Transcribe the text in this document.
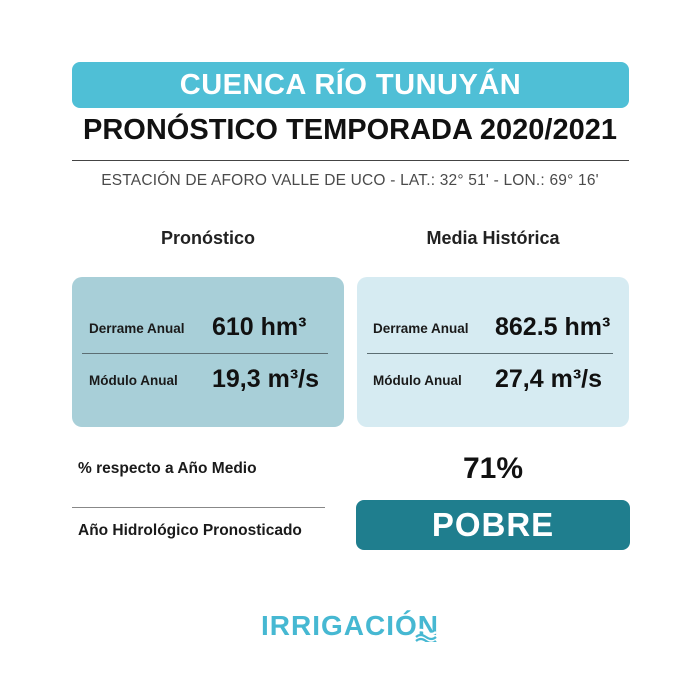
CUENCA RÍO TUNUYÁN
PRONÓSTICO TEMPORADA 2020/2021
ESTACIÓN DE AFORO VALLE DE UCO - LAT.: 32° 51' - LON.: 69° 16'
Pronóstico	Media Histórica
Derrame Anual 610 hm³
Módulo Anual 19,3 m³/s
Derrame Anual 862.5 hm³
Módulo Anual 27,4 m³/s
% respecto a Año Medio	71%
Año Hidrológico Pronosticado	POBRE
IRRIGACIÓN
